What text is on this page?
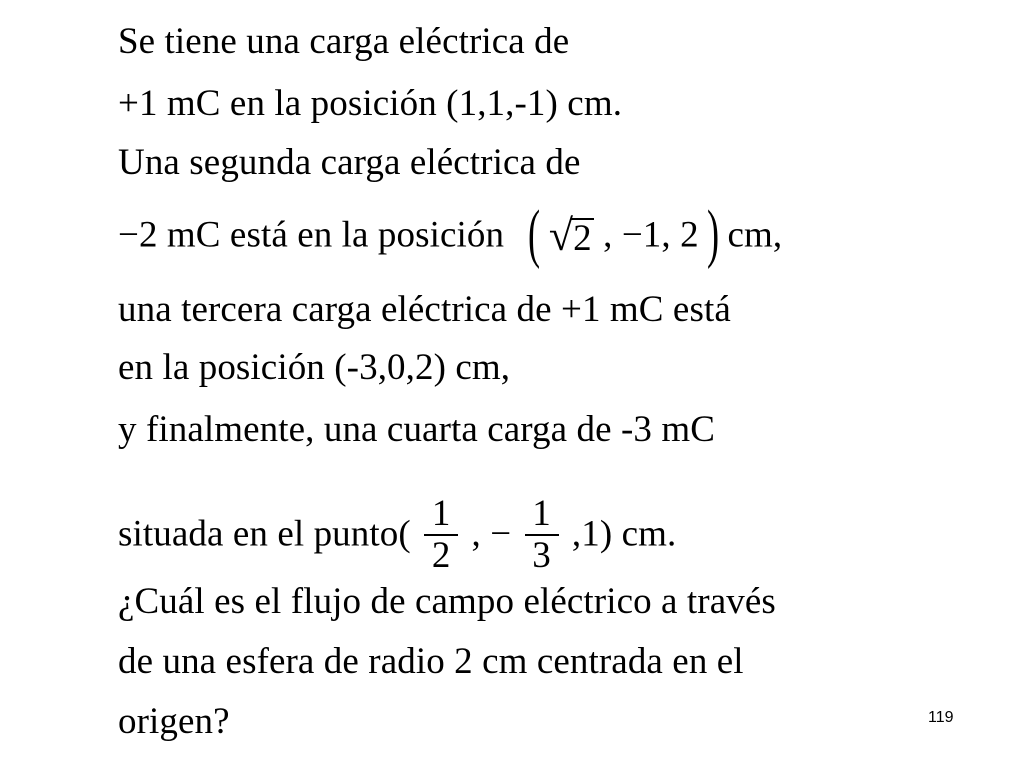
Se tiene una carga eléctrica de
+1 mC en la posición (1,1,-1) cm.
Una segunda carga eléctrica de
−2 mC está en la posición ( √ 2 , −1, 2 ) cm,
una tercera carga eléctrica de +1 mC está
en la posición (-3,0,2) cm,
y finalmente, una cuarta carga de -3 mC
situada en el punto( $\frac{1}{2}$ , − $\frac{1}{3} ,1$) cm.
¿Cuál es el flujo de campo eléctrico a través
de una esfera de radio 2 cm centrada en el
origen?	119
